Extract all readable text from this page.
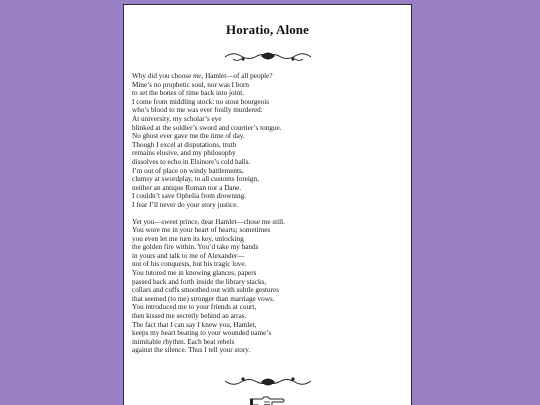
Horatio, Alone

Why did you choose me, Hamlet—of all people?
Mine’s no prophetic soul, nor was I born
to set the bones of time back into joint.
I come from middling stock: no stout bourgeois
who’s blood to me was ever foully murdered.
At university, my scholar’s eye
blinked at the soldier’s sword and courtier’s tongue.
No ghost ever gave me the time of day.
Though I excel at disputations, truth
remains elusive, and my philosophy
dissolves to echo in Elsinore’s cold halls.
I’m out of place on windy battlements,
clumsy at swordplay, to all customs foreign,
neither an antique Roman nor a Dane.
I couldn’t save Ophelia from drowning.
I fear I’ll never do your story justice.

Yet you—sweet prince, dear Hamlet—chose me still.
You wore me in your heart of hearts; sometimes
you even let me turn its key, unlocking
the golden fire within. You’d take my hands
in yours and talk to me of Alexander—
not of his conquests, but his tragic love.
You tutored me in knowing glances, papers
passed back and forth inside the library stacks,
collars and cuffs smoothed out with subtle gestures
that seemed (to me) stronger than marriage vows.
You introduced me to your friends at court,
then kissed me secretly behind an arras.
The fact that I can say I knew you, Hamlet,
keeps my heart beating to your wounded name’s
inimitable rhythm. Each beat rebels
against the silence. Thus I tell your story.
